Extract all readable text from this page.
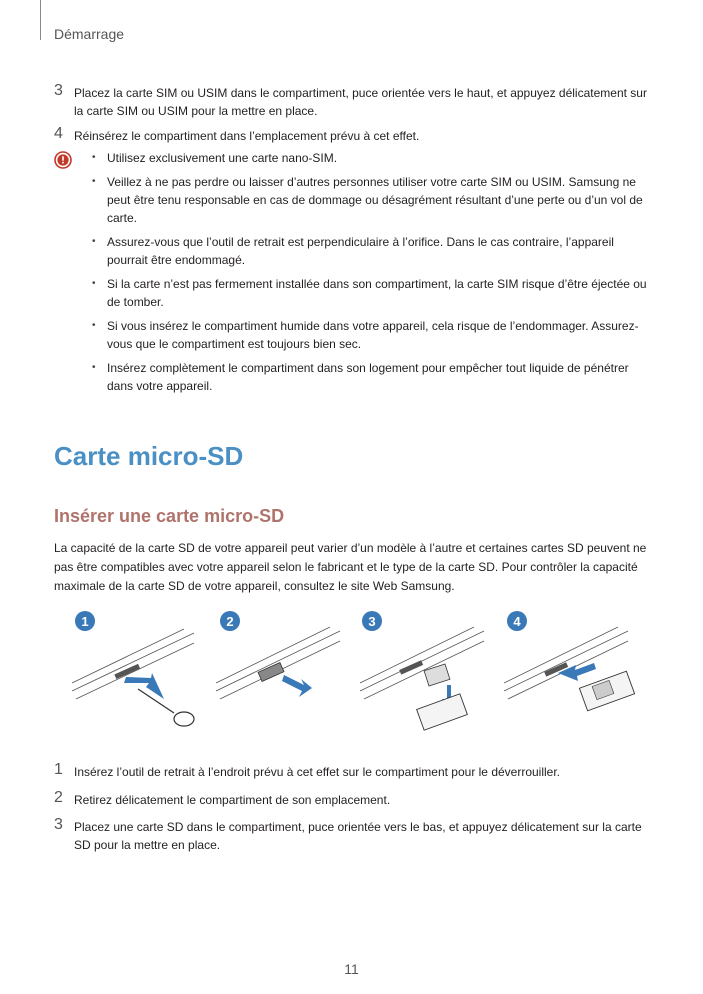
Démarrage
3 Placez la carte SIM ou USIM dans le compartiment, puce orientée vers le haut, et appuyez délicatement sur la carte SIM ou USIM pour la mettre en place.
4 Réinsérez le compartiment dans l’emplacement prévu à cet effet.
• Utilisez exclusivement une carte nano-SIM.
• Veillez à ne pas perdre ou laisser d’autres personnes utiliser votre carte SIM ou USIM. Samsung ne peut être tenu responsable en cas de dommage ou désagrément résultant d’une perte ou d’un vol de carte.
• Assurez-vous que l’outil de retrait est perpendiculaire à l’orifice. Dans le cas contraire, l’appareil pourrait être endommagé.
• Si la carte n’est pas fermement installée dans son compartiment, la carte SIM risque d’être éjectée ou de tomber.
• Si vous insérez le compartiment humide dans votre appareil, cela risque de l’endommager. Assurez-vous que le compartiment est toujours bien sec.
• Insérez complètement le compartiment dans son logement pour empêcher tout liquide de pénétrer dans votre appareil.
Carte micro-SD
Insérer une carte micro-SD
La capacité de la carte SD de votre appareil peut varier d’un modèle à l’autre et certaines cartes SD peuvent ne pas être compatibles avec votre appareil selon le fabricant et le type de la carte SD. Pour contrôler la capacité maximale de la carte SD de votre appareil, consultez le site Web Samsung.
1	2	3	4
1 Insérez l’outil de retrait à l’endroit prévu à cet effet sur le compartiment pour le déverrouiller.
2 Retirez délicatement le compartiment de son emplacement.
3 Placez une carte SD dans le compartiment, puce orientée vers le bas, et appuyez délicatement sur la carte SD pour la mettre en place.
11
